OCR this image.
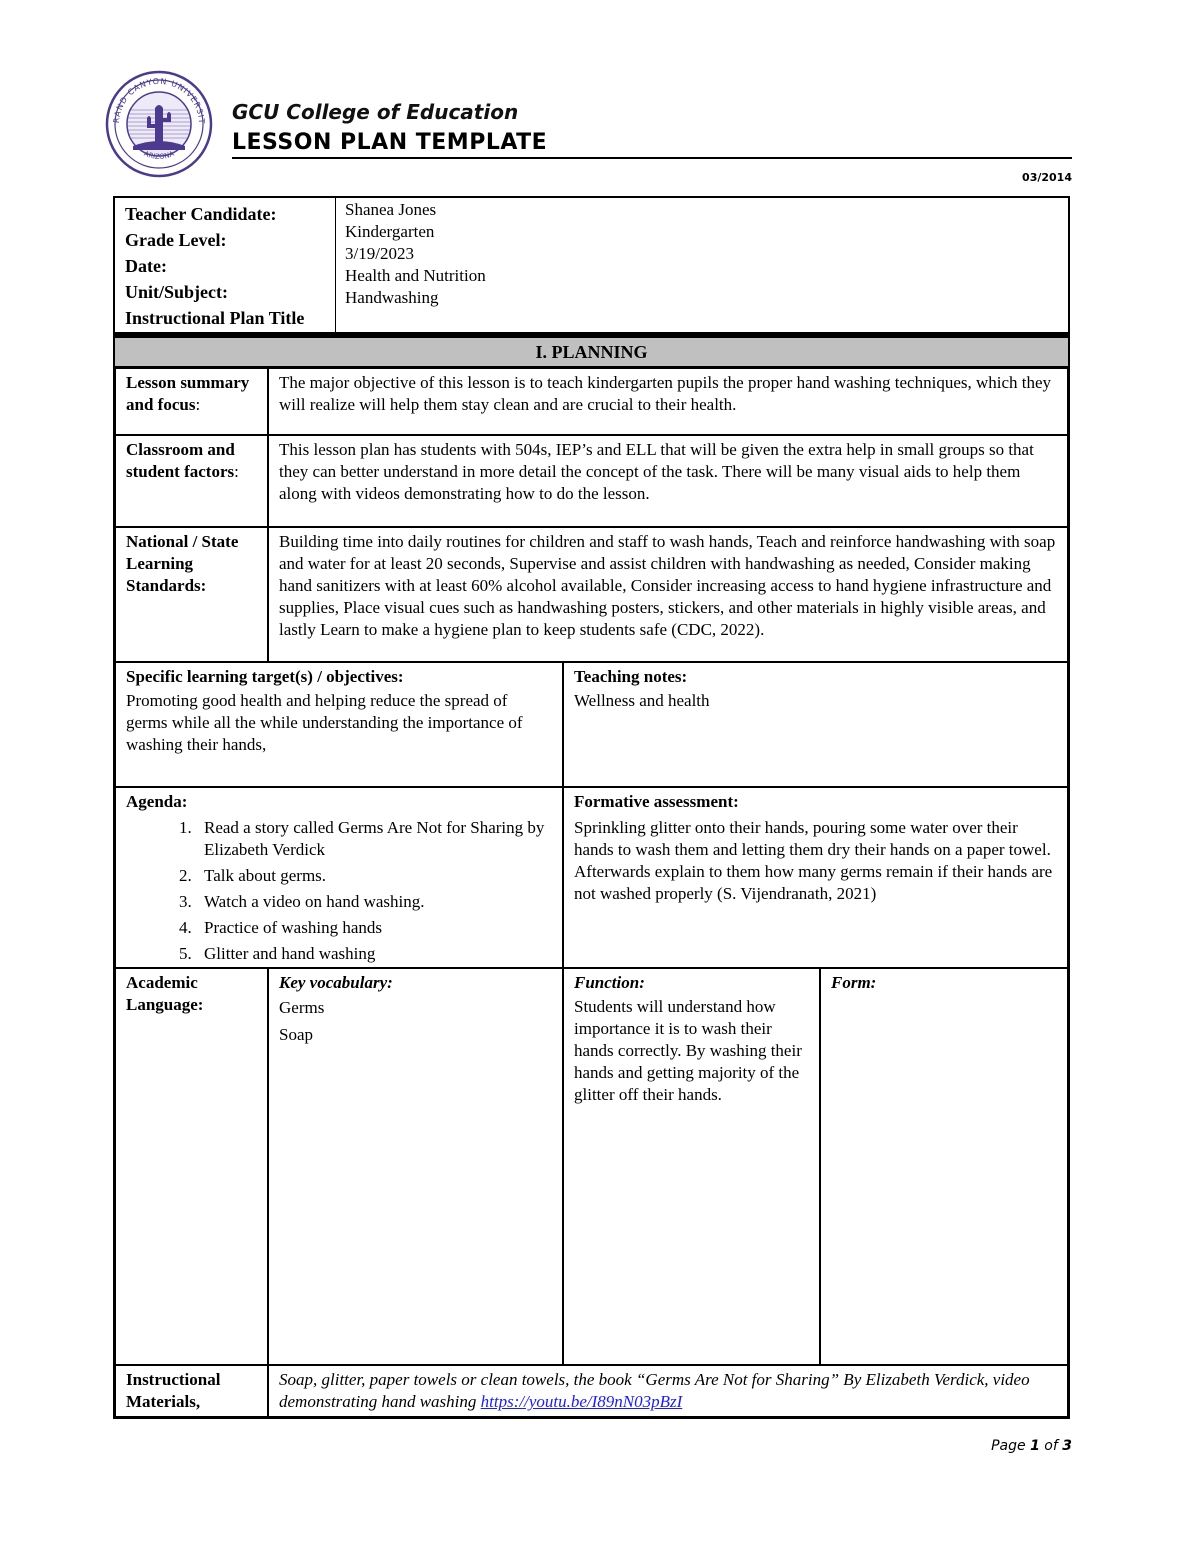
RAND CANYON UNIVERSIT
ARIZONA
GCU College of Education
LESSON PLAN TEMPLATE
03/2014
Teacher Candidate:
Grade Level:
Date:
Unit/Subject:
Instructional Plan Title
Shanea Jones
Kindergarten
3/19/2023
Health and Nutrition
Handwashing
I. PLANNING
Lesson summary and focus:
The major objective of this lesson is to teach kindergarten pupils the proper hand washing techniques, which they will realize will help them stay clean and are crucial to their health.
Classroom and student factors:
This lesson plan has students with 504s, IEP’s and ELL that will be given the extra help in small groups so that they can better understand in more detail the concept of the task. There will be many visual aids to help them along with videos demonstrating how to do the lesson.
National / State Learning Standards:
Building time into daily routines for children and staff to wash hands, Teach and reinforce handwashing with soap and water for at least 20 seconds, Supervise and assist children with handwashing as needed, Consider making hand sanitizers with at least 60% alcohol available, Consider increasing access to hand hygiene infrastructure and supplies, Place visual cues such as handwashing posters, stickers, and other materials in highly visible areas, and lastly Learn to make a hygiene plan to keep students safe (CDC, 2022).
Specific learning target(s) / objectives:
Promoting good health and helping reduce the spread of germs while all the while understanding the importance of washing their hands,
Teaching notes:
Wellness and health
Agenda:
1. Read a story called Germs Are Not for Sharing by Elizabeth Verdick
2. Talk about germs.
3. Watch a video on hand washing.
4. Practice of washing hands
5. Glitter and hand washing
Formative assessment:
Sprinkling glitter onto their hands, pouring some water over their hands to wash them and letting them dry their hands on a paper towel. Afterwards explain to them how many germs remain if their hands are not washed properly (S. Vijendranath, 2021)
Academic Language:
Key vocabulary:
Germs
Soap
Function:
Students will understand how importance it is to wash their hands correctly. By washing their hands and getting majority of the glitter off their hands.
Form:
Instructional Materials,
Soap, glitter, paper towels or clean towels, the book “Germs Are Not for Sharing” By Elizabeth Verdick, video demonstrating hand washing https://youtu.be/I89nN03pBzI
Page 1 of 3
